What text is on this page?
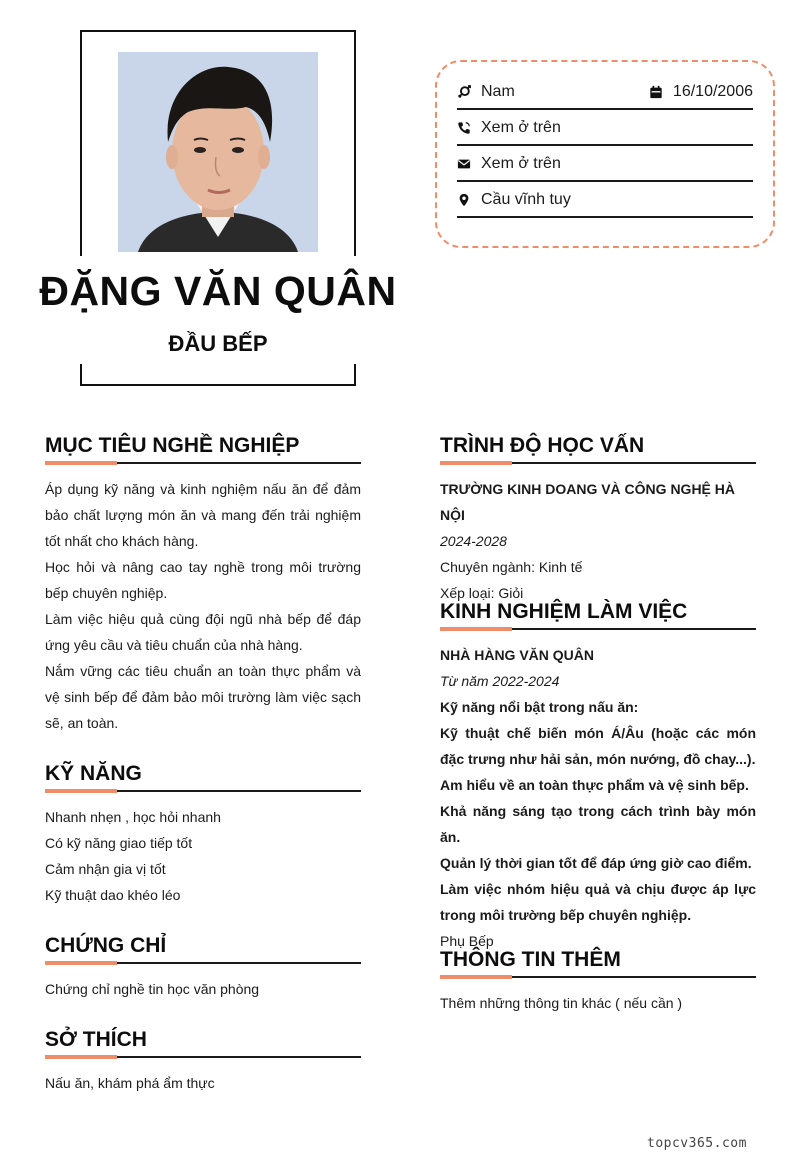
ĐẶNG VĂN QUÂN
ĐẦU BẾP
Nam	16/10/2006
Xem ở trên
Xem ở trên
Cầu vĩnh tuy
MỤC TIÊU NGHỀ NGHIỆP
Áp dụng kỹ năng và kinh nghiệm nấu ăn để đảm bảo chất lượng món ăn và mang đến trải nghiệm tốt nhất cho khách hàng.
Học hỏi và nâng cao tay nghề trong môi trường bếp chuyên nghiệp.
Làm việc hiệu quả cùng đội ngũ nhà bếp để đáp ứng yêu cầu và tiêu chuẩn của nhà hàng.
Nắm vững các tiêu chuẩn an toàn thực phẩm và vệ sinh bếp để đảm bảo môi trường làm việc sạch sẽ, an toàn.
KỸ NĂNG
Nhanh nhẹn , học hỏi nhanh
Có kỹ năng giao tiếp tốt
Cảm nhận gia vị tốt
Kỹ thuật dao khéo léo
CHỨNG CHỈ
Chứng chỉ nghề tin học văn phòng
SỞ THÍCH
Nấu ăn, khám phá ẩm thực
TRÌNH ĐỘ HỌC VẤN
TRƯỜNG KINH DOANG VÀ CÔNG NGHỆ HÀ NỘI
2024-2028
Chuyên ngành: Kinh tế
Xếp loại: Giỏi
KINH NGHIỆM LÀM VIỆC
NHÀ HÀNG VĂN QUÂN
Từ năm 2022-2024
Kỹ năng nổi bật trong nấu ăn:
Kỹ thuật chế biến món Á/Âu (hoặc các món đặc trưng như hải sản, món nướng, đồ chay...).
Am hiểu về an toàn thực phẩm và vệ sinh bếp.
Khả năng sáng tạo trong cách trình bày món ăn.
Quản lý thời gian tốt để đáp ứng giờ cao điểm.
Làm việc nhóm hiệu quả và chịu được áp lực trong môi trường bếp chuyên nghiệp.
Phụ Bếp
THÔNG TIN THÊM
Thêm những thông tin khác ( nếu cần )
topcv365.com
